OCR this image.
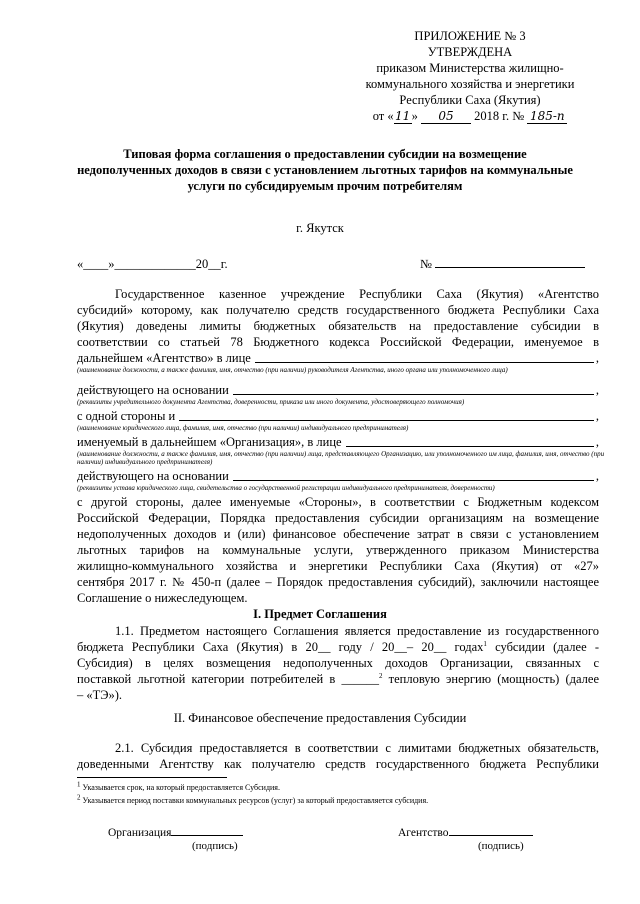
ПРИЛОЖЕНИЕ № 3
УТВЕРЖДЕНА
приказом Министерства жилищно-
коммунального хозяйства и энергетики
Республики Саха (Якутия)
от «11» 05 2018 г. № 185-п
Типовая форма соглашения о предоставлении субсидии на возмещение
недополученных доходов в связи с установлением льготных тарифов на коммунальные
услуги по субсидируемым прочим потребителям
г. Якутск
«____»_____________20__г.	№
Государственное казенное учреждение Республики Саха (Якутия) «Агентство
субсидий» которому, как получателю средств государственного бюджета Республики Саха
(Якутия) доведены лимиты бюджетных обязательств на предоставление субсидии в
соответствии со статьей 78 Бюджетного кодекса Российской Федерации, именуемое в
дальнейшем «Агентство» в лице	,
(наименование должности, а также фамилия, имя, отчество (при наличии) руководителя Агентства, иного органа или уполномоченного лица)
действующего на основании	,
(реквизиты учредительного документа Агентства, доверенности, приказа или иного документа, удостоверяющего полномочия)
с одной стороны и	,
(наименование юридического лица, фамилия, имя, отчество (при наличии) индивидуального предпринимателя)
именуемый в дальнейшем «Организация», в лице	,
(наименование должности, а также фамилия, имя, отчество (при наличии) лица, представляющего Организацию, или уполномоченного им лица, фамилия, имя, отчество (при наличии) индивидуального предпринимателя)
действующего на основании	,
(реквизиты устава юридического лица, свидетельства о государственной регистрации индивидуального предпринимателя, доверенности)
с другой стороны, далее именуемые «Стороны», в соответствии с Бюджетным кодексом
Российской Федерации, Порядка предоставления субсидии организациям на возмещение
недополученных доходов и (или) финансовое обеспечение затрат в связи с установлением
льготных тарифов на коммунальные услуги, утвержденного приказом Министерства
жилищно-коммунального хозяйства и энергетики Республики Саха (Якутия) от «27»
сентября 2017 г. № 450-п (далее – Порядок предоставления субсидий), заключили настоящее
Соглашение о нижеследующем.
I. Предмет Соглашения
1.1. Предметом настоящего Соглашения является предоставление из государственного
бюджета Республики Саха (Якутия) в 20__ году / 20__– 20__ годах$^1$ субсидии (далее -
Субсидия) в целях возмещения недополученных доходов Организации, связанных с
поставкой льготной категории потребителей в ______$^2$ тепловую энергию (мощность) (далее
– «ТЭ»).
II. Финансовое обеспечение предоставления Субсидии
2.1. Субсидия предоставляется в соответствии с лимитами бюджетных обязательств,
доведенными Агентству как получателю средств государственного бюджета Республики
$^1$ Указывается срок, на который предоставляется Субсидия.
$^2$ Указывается период поставки коммунальных ресурсов (услуг) за который предоставляется субсидия.
Организация
(подпись)
Агентство
(подпись)
